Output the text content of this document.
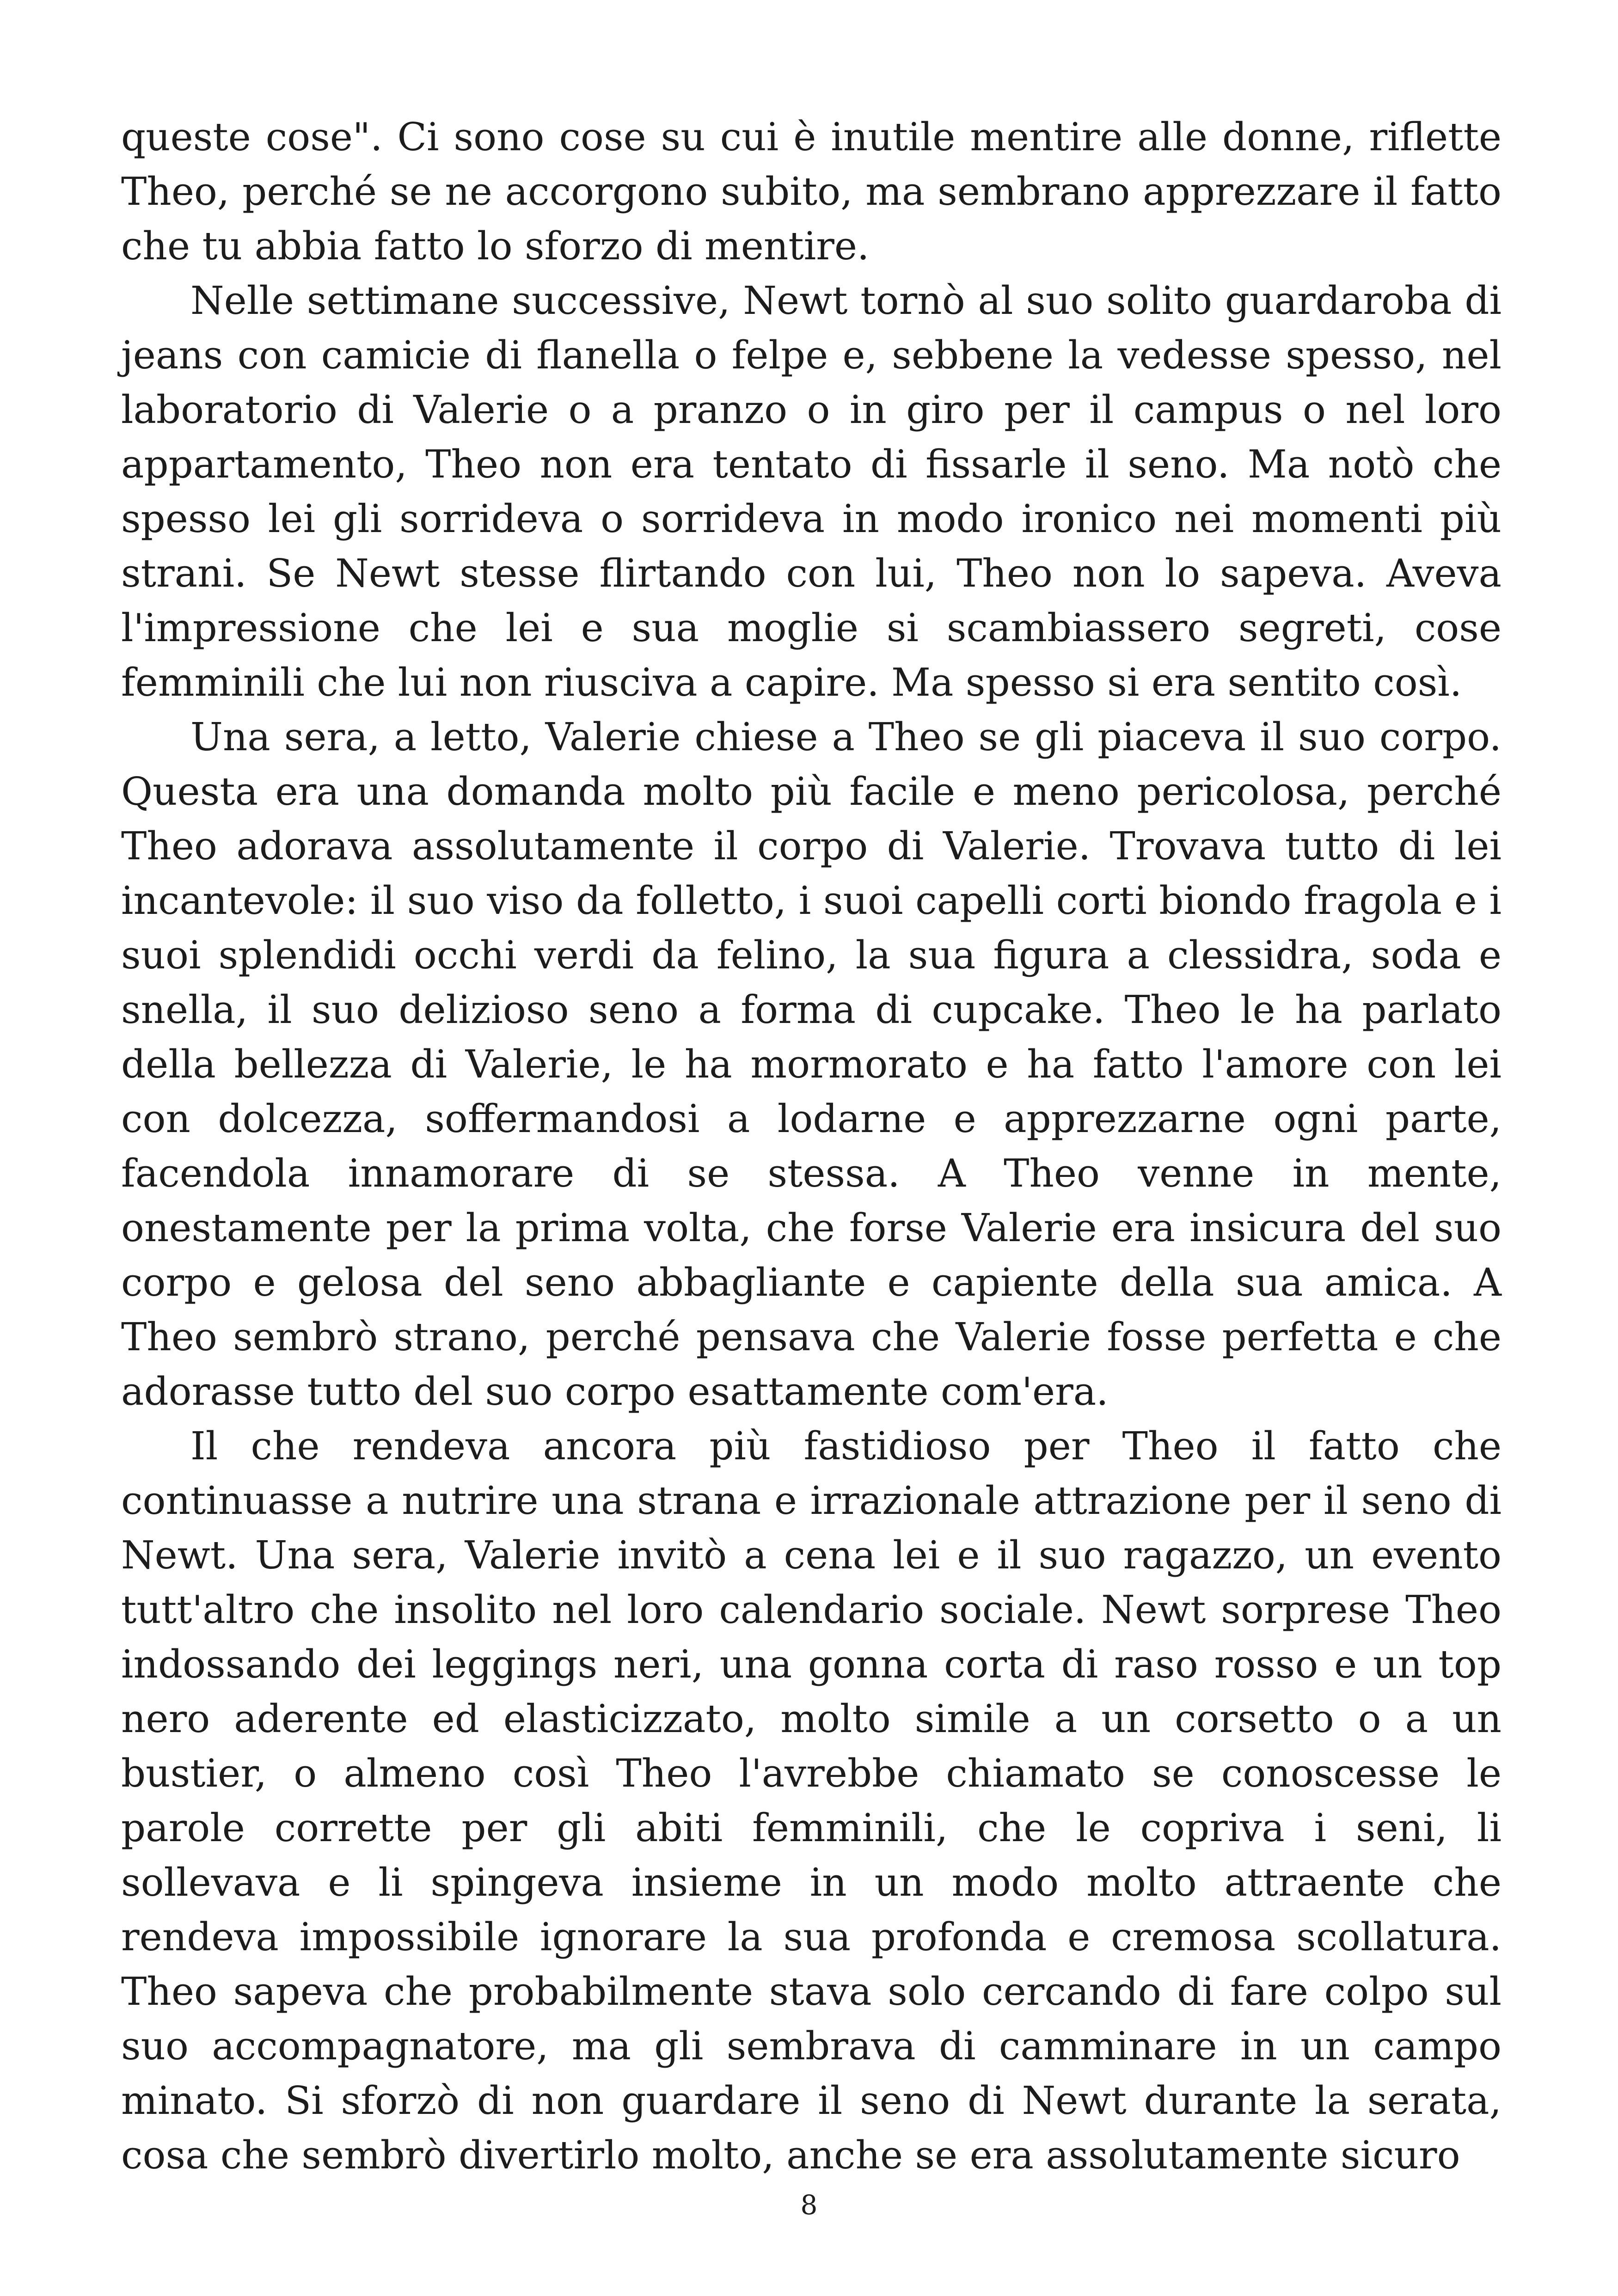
queste cose". Ci sono cose su cui è inutile mentire alle donne, riflette Theo, perché se ne accorgono subito, ma sembrano apprezzare il fatto che tu abbia fatto lo sforzo di mentire.

Nelle settimane successive, Newt tornò al suo solito guardaroba di jeans con camicie di flanella o felpe e, sebbene la vedesse spesso, nel laboratorio di Valerie o a pranzo o in giro per il campus o nel loro appartamento, Theo non era tentato di fissarle il seno. Ma notò che spesso lei gli sorrideva o sorrideva in modo ironico nei momenti più strani. Se Newt stesse flirtando con lui, Theo non lo sapeva. Aveva l'impressione che lei e sua moglie si scambiassero segreti, cose femminili che lui non riusciva a capire. Ma spesso si era sentito così.

Una sera, a letto, Valerie chiese a Theo se gli piaceva il suo corpo. Questa era una domanda molto più facile e meno pericolosa, perché Theo adorava assolutamente il corpo di Valerie. Trovava tutto di lei incantevole: il suo viso da folletto, i suoi capelli corti biondo fragola e i suoi splendidi occhi verdi da felino, la sua figura a clessidra, soda e snella, il suo delizioso seno a forma di cupcake. Theo le ha parlato della bellezza di Valerie, le ha mormorato e ha fatto l'amore con lei con dolcezza, soffermandosi a lodarne e apprezzarne ogni parte, facendola innamorare di se stessa. A Theo venne in mente, onestamente per la prima volta, che forse Valerie era insicura del suo corpo e gelosa del seno abbagliante e capiente della sua amica. A Theo sembrò strano, perché pensava che Valerie fosse perfetta e che adorasse tutto del suo corpo esattamente com'era.

Il che rendeva ancora più fastidioso per Theo il fatto che continuasse a nutrire una strana e irrazionale attrazione per il seno di Newt. Una sera, Valerie invitò a cena lei e il suo ragazzo, un evento tutt'altro che insolito nel loro calendario sociale. Newt sorprese Theo indossando dei leggings neri, una gonna corta di raso rosso e un top nero aderente ed elasticizzato, molto simile a un corsetto o a un bustier, o almeno così Theo l'avrebbe chiamato se conoscesse le parole corrette per gli abiti femminili, che le copriva i seni, li sollevava e li spingeva insieme in un modo molto attraente che rendeva impossibile ignorare la sua profonda e cremosa scollatura. Theo sapeva che probabilmente stava solo cercando di fare colpo sul suo accompagnatore, ma gli sembrava di camminare in un campo minato. Si sforzò di non guardare il seno di Newt durante la serata, cosa che sembrò divertirlo molto, anche se era assolutamente sicuro

8
